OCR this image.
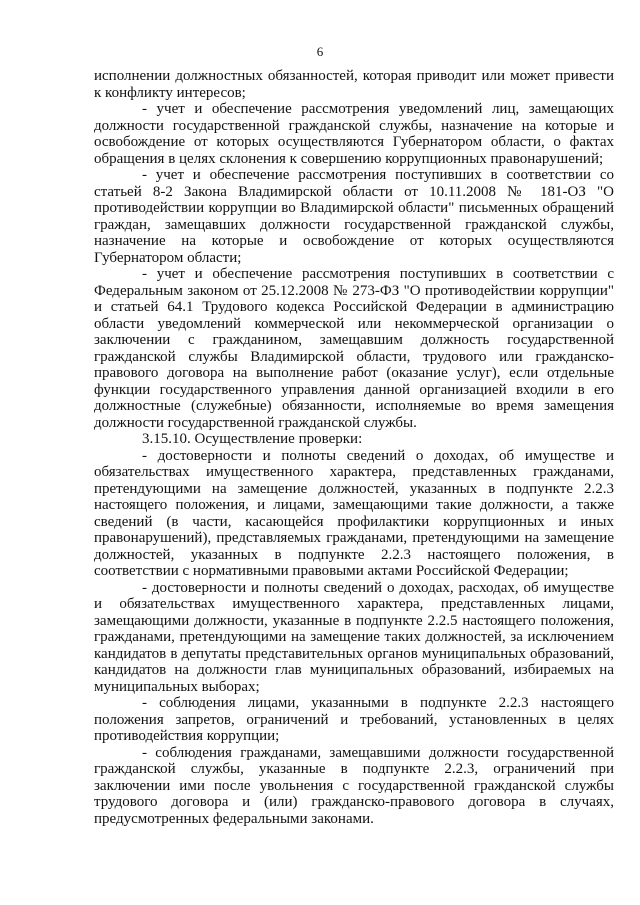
6

исполнении должностных обязанностей, которая приводит или может привести к конфликту интересов;

- учет и обеспечение рассмотрения уведомлений лиц, замещающих должности государственной гражданской службы, назначение на которые и освобождение от которых осуществляются Губернатором области, о фактах обращения в целях склонения к совершению коррупционных правонарушений;

- учет и обеспечение рассмотрения поступивших в соответствии со статьей 8-2 Закона Владимирской области от 10.11.2008 № 181-ОЗ "О противодействии коррупции во Владимирской области" письменных обращений граждан, замещавших должности государственной гражданской службы, назначение на которые и освобождение от которых осуществляются Губернатором области;

- учет и обеспечение рассмотрения поступивших в соответствии с Федеральным законом от 25.12.2008 № 273-ФЗ "О противодействии коррупции" и статьей 64.1 Трудового кодекса Российской Федерации в администрацию области уведомлений коммерческой или некоммерческой организации о заключении с гражданином, замещавшим должность государственной гражданской службы Владимирской области, трудового или гражданско-правового договора на выполнение работ (оказание услуг), если отдельные функции государственного управления данной организацией входили в его должностные (служебные) обязанности, исполняемые во время замещения должности государственной гражданской службы.

3.15.10. Осуществление проверки:

- достоверности и полноты сведений о доходах, об имуществе и обязательствах имущественного характера, представленных гражданами, претендующими на замещение должностей, указанных в подпункте 2.2.3 настоящего положения, и лицами, замещающими такие должности, а также сведений (в части, касающейся профилактики коррупционных и иных правонарушений), представляемых гражданами, претендующими на замещение должностей, указанных в подпункте 2.2.3 настоящего положения, в соответствии с нормативными правовыми актами Российской Федерации;

- достоверности и полноты сведений о доходах, расходах, об имуществе и обязательствах имущественного характера, представленных лицами, замещающими должности, указанные в подпункте 2.2.5 настоящего положения, гражданами, претендующими на замещение таких должностей, за исключением кандидатов в депутаты представительных органов муниципальных образований, кандидатов на должности глав муниципальных образований, избираемых на муниципальных выборах;

- соблюдения лицами, указанными в подпункте 2.2.3 настоящего положения запретов, ограничений и требований, установленных в целях противодействия коррупции;

- соблюдения гражданами, замещавшими должности государственной гражданской службы, указанные в подпункте 2.2.3, ограничений при заключении ими после увольнения с государственной гражданской службы трудового договора и (или) гражданско-правового договора в случаях, предусмотренных федеральными законами.
